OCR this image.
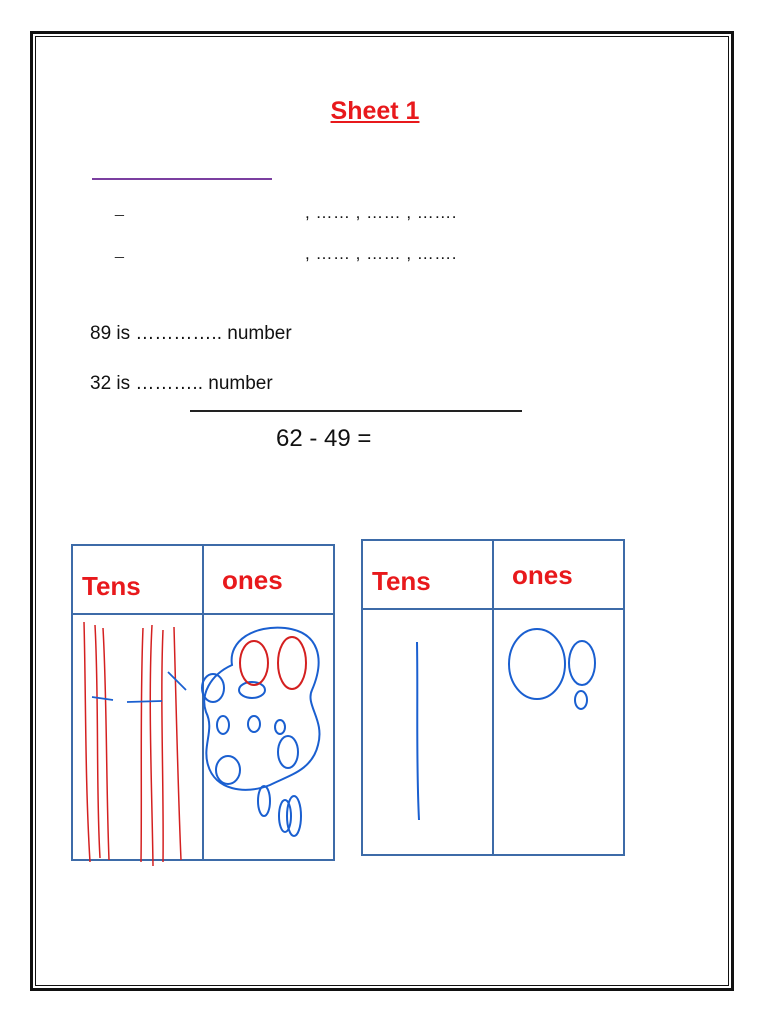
Sheet 1
_	, …… , …… , …….
_	, …… , …… , …….
89 is ………….. number
32 is ……….. number
62 - 49 =
Tens	ones	Tens	ones
